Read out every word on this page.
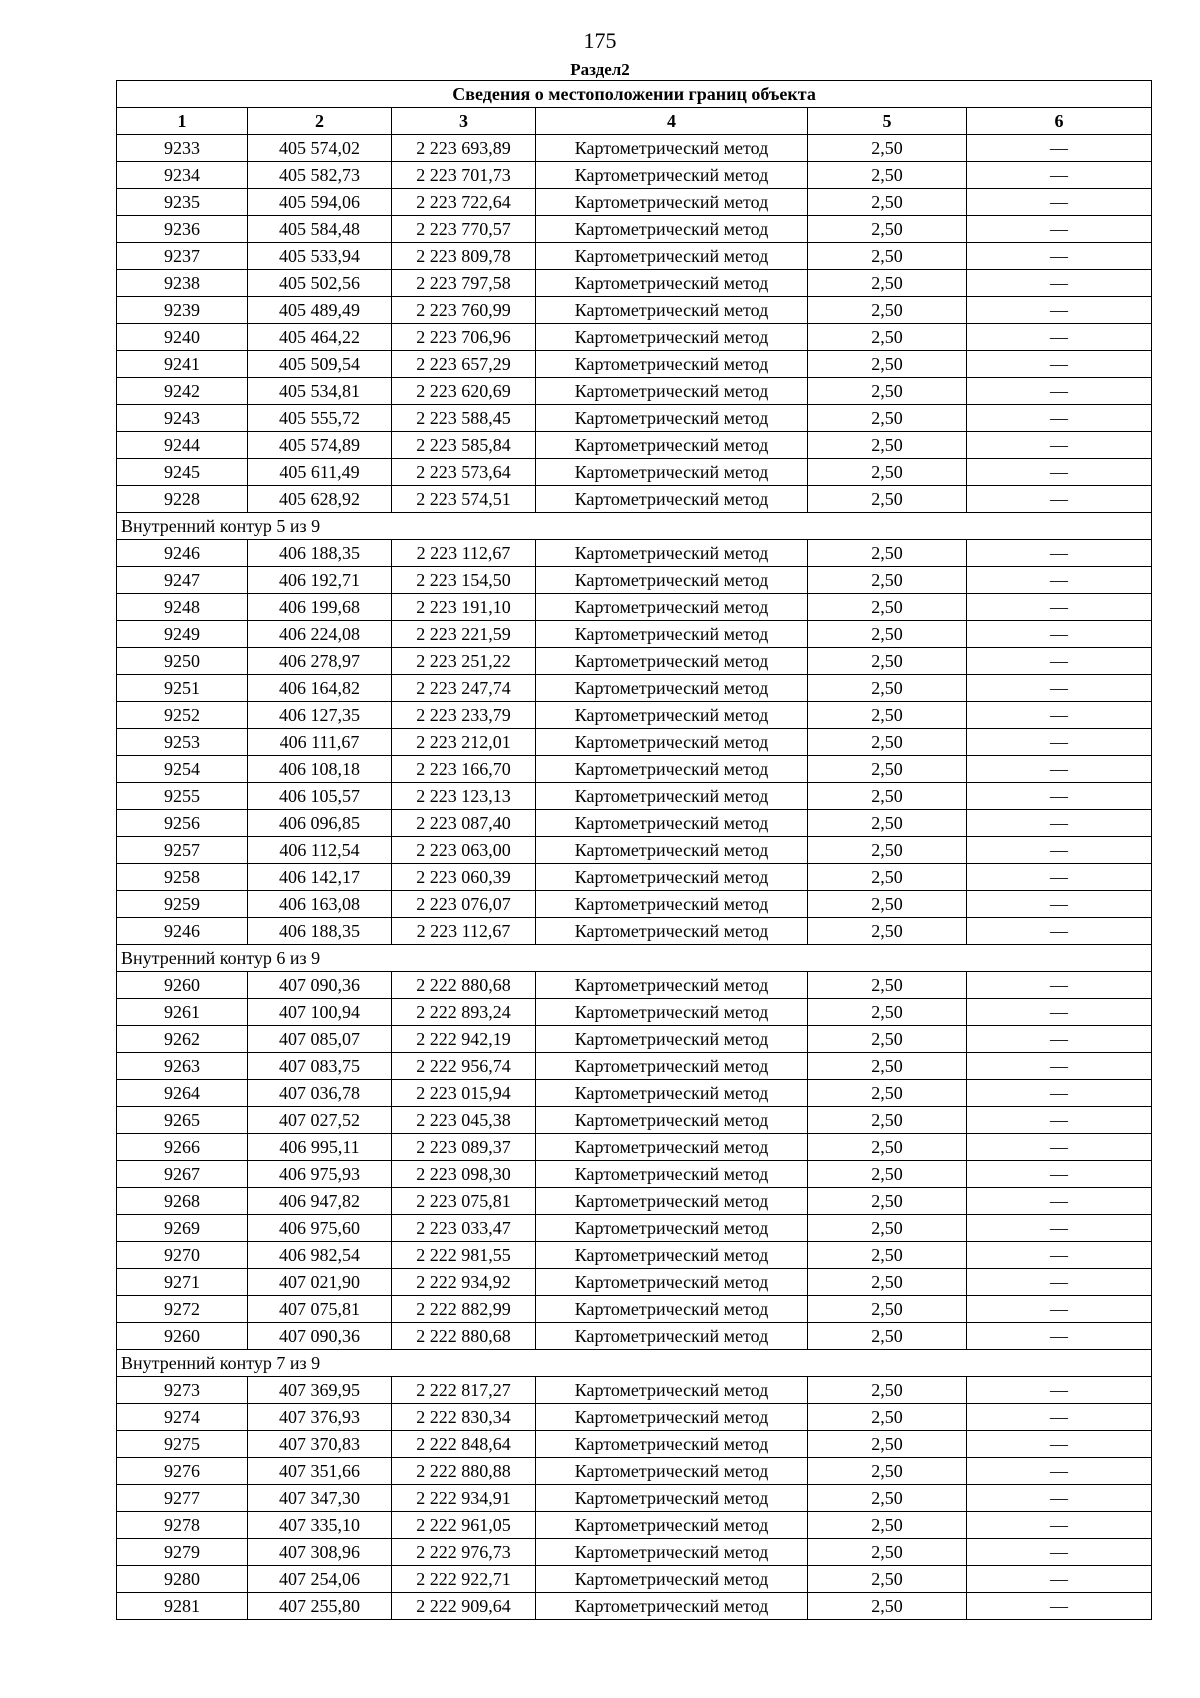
175
Раздел2
Сведения о местоположении границ объекта					
1	2	3	4	5	6
9233	405 574,02	2 223 693,89	Картометрический метод	2,50	—
9234	405 582,73	2 223 701,73	Картометрический метод	2,50	—
9235	405 594,06	2 223 722,64	Картометрический метод	2,50	—
9236	405 584,48	2 223 770,57	Картометрический метод	2,50	—
9237	405 533,94	2 223 809,78	Картометрический метод	2,50	—
9238	405 502,56	2 223 797,58	Картометрический метод	2,50	—
9239	405 489,49	2 223 760,99	Картометрический метод	2,50	—
9240	405 464,22	2 223 706,96	Картометрический метод	2,50	—
9241	405 509,54	2 223 657,29	Картометрический метод	2,50	—
9242	405 534,81	2 223 620,69	Картометрический метод	2,50	—
9243	405 555,72	2 223 588,45	Картометрический метод	2,50	—
9244	405 574,89	2 223 585,84	Картометрический метод	2,50	—
9245	405 611,49	2 223 573,64	Картометрический метод	2,50	—
9228	405 628,92	2 223 574,51	Картометрический метод	2,50	—
Внутренний контур 5 из 9					
9246	406 188,35	2 223 112,67	Картометрический метод	2,50	—
9247	406 192,71	2 223 154,50	Картометрический метод	2,50	—
9248	406 199,68	2 223 191,10	Картометрический метод	2,50	—
9249	406 224,08	2 223 221,59	Картометрический метод	2,50	—
9250	406 278,97	2 223 251,22	Картометрический метод	2,50	—
9251	406 164,82	2 223 247,74	Картометрический метод	2,50	—
9252	406 127,35	2 223 233,79	Картометрический метод	2,50	—
9253	406 111,67	2 223 212,01	Картометрический метод	2,50	—
9254	406 108,18	2 223 166,70	Картометрический метод	2,50	—
9255	406 105,57	2 223 123,13	Картометрический метод	2,50	—
9256	406 096,85	2 223 087,40	Картометрический метод	2,50	—
9257	406 112,54	2 223 063,00	Картометрический метод	2,50	—
9258	406 142,17	2 223 060,39	Картометрический метод	2,50	—
9259	406 163,08	2 223 076,07	Картометрический метод	2,50	—
9246	406 188,35	2 223 112,67	Картометрический метод	2,50	—
Внутренний контур 6 из 9					
9260	407 090,36	2 222 880,68	Картометрический метод	2,50	—
9261	407 100,94	2 222 893,24	Картометрический метод	2,50	—
9262	407 085,07	2 222 942,19	Картометрический метод	2,50	—
9263	407 083,75	2 222 956,74	Картометрический метод	2,50	—
9264	407 036,78	2 223 015,94	Картометрический метод	2,50	—
9265	407 027,52	2 223 045,38	Картометрический метод	2,50	—
9266	406 995,11	2 223 089,37	Картометрический метод	2,50	—
9267	406 975,93	2 223 098,30	Картометрический метод	2,50	—
9268	406 947,82	2 223 075,81	Картометрический метод	2,50	—
9269	406 975,60	2 223 033,47	Картометрический метод	2,50	—
9270	406 982,54	2 222 981,55	Картометрический метод	2,50	—
9271	407 021,90	2 222 934,92	Картометрический метод	2,50	—
9272	407 075,81	2 222 882,99	Картометрический метод	2,50	—
9260	407 090,36	2 222 880,68	Картометрический метод	2,50	—
Внутренний контур 7 из 9					
9273	407 369,95	2 222 817,27	Картометрический метод	2,50	—
9274	407 376,93	2 222 830,34	Картометрический метод	2,50	—
9275	407 370,83	2 222 848,64	Картометрический метод	2,50	—
9276	407 351,66	2 222 880,88	Картометрический метод	2,50	—
9277	407 347,30	2 222 934,91	Картометрический метод	2,50	—
9278	407 335,10	2 222 961,05	Картометрический метод	2,50	—
9279	407 308,96	2 222 976,73	Картометрический метод	2,50	—
9280	407 254,06	2 222 922,71	Картометрический метод	2,50	—
9281	407 255,80	2 222 909,64	Картометрический метод	2,50	—
